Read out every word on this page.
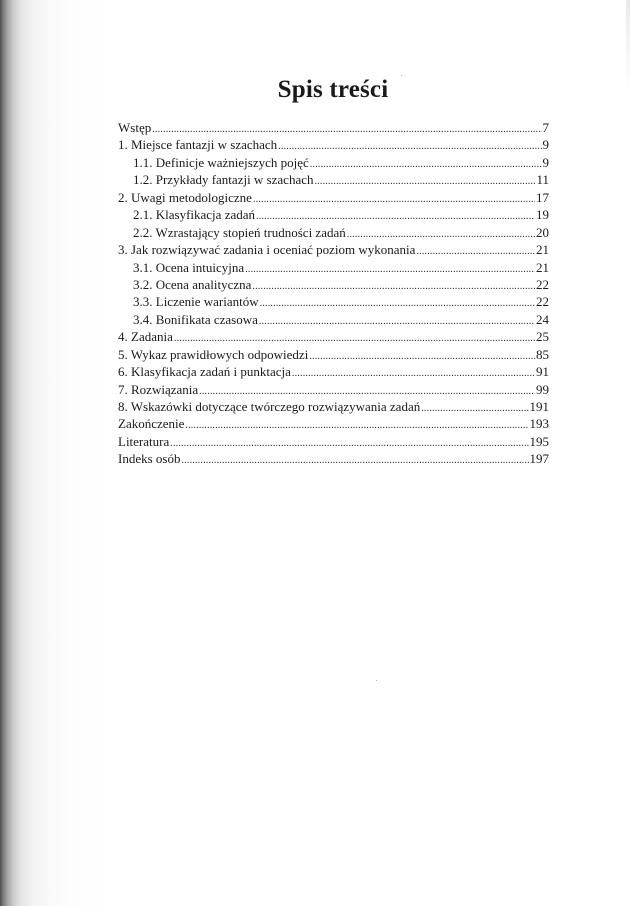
Spis treści
Wstęp .....	7
1. Miejsce fantazji w szachach .....	9
1.1. Definicje ważniejszych pojęć .....	9
1.2. Przykłady fantazji w szachach .....	11
2. Uwagi metodologiczne .....	17
2.1. Klasyfikacja zadań .....	19
2.2. Wzrastający stopień trudności zadań .....	20
3. Jak rozwiązywać zadania i oceniać poziom wykonania .....	21
3.1. Ocena intuicyjna .....	21
3.2. Ocena analityczna .....	22
3.3. Liczenie wariantów .....	22
3.4. Bonifikata czasowa .....	24
4. Zadania .....	25
5. Wykaz prawidłowych odpowiedzi .....	85
6. Klasyfikacja zadań i punktacja .....	91
7. Rozwiązania .....	99
8. Wskazówki dotyczące twórczego rozwiązywania zadań .....	191
Zakończenie .....	193
Literatura .....	195
Indeks osób .....	197
